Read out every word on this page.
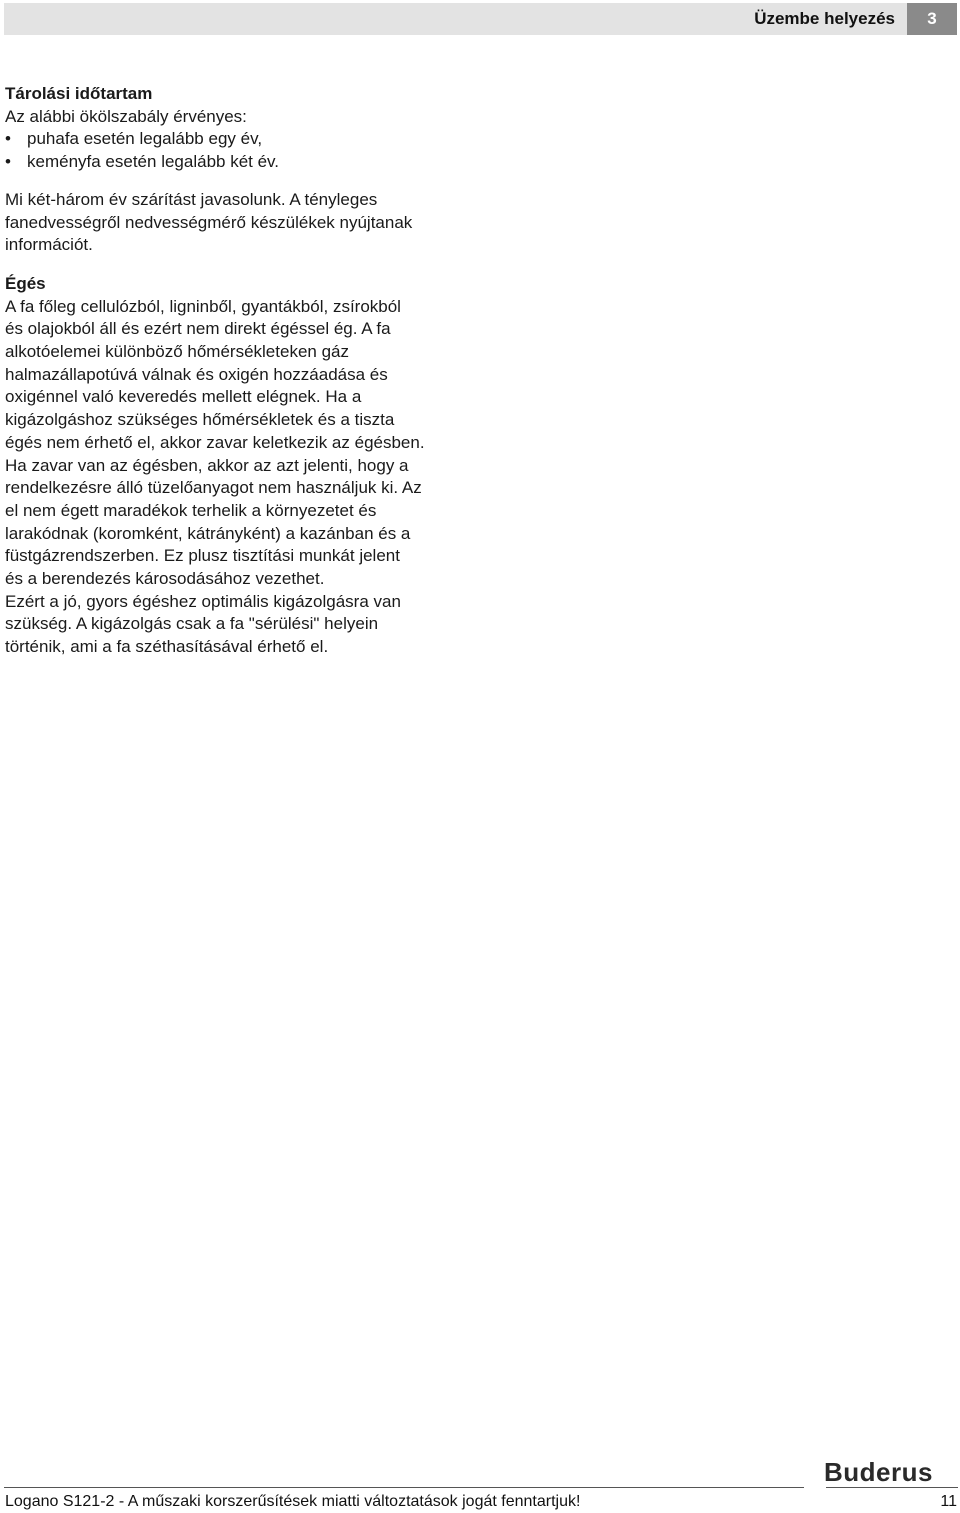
Üzembe helyezés	3
Tárolási időtartam

Az alábbi ökölszabály érvényes:

• puhafa esetén legalább egy év,
• keményfa esetén legalább két év.
Mi két-három év szárítást javasolunk. A tényleges
fanedvességről nedvességmérő készülékek nyújtanak
információt.
Égés
A fa főleg cellulózból, ligninből, gyantákból, zsírokból
és olajokból áll és ezért nem direkt égéssel ég. A fa
alkotóelemei különböző hőmérsékleteken gáz
halmazállapotúvá válnak és oxigén hozzáadása és
oxigénnel való keveredés mellett elégnek. Ha a
kigázolgáshoz szükséges hőmérsékletek és a tiszta
égés nem érhető el, akkor zavar keletkezik az égésben.
Ha zavar van az égésben, akkor az azt jelenti, hogy a
rendelkezésre álló tüzelőanyagot nem használjuk ki. Az
el nem égett maradékok terhelik a környezetet és
larakódnak (koromként, kátrányként) a kazánban és a
füstgázrendszerben. Ez plusz tisztítási munkát jelent
és a berendezés károsodásához vezethet.
Ezért a jó, gyors égéshez optimális kigázolgásra van
szükség. A kigázolgás csak a fa "sérülési" helyein
történik, ami a fa széthasításával érhető el.
Buderus
Logano S121-2 - A műszaki korszerűsítések miatti változtatások jogát fenntartjuk!	11
